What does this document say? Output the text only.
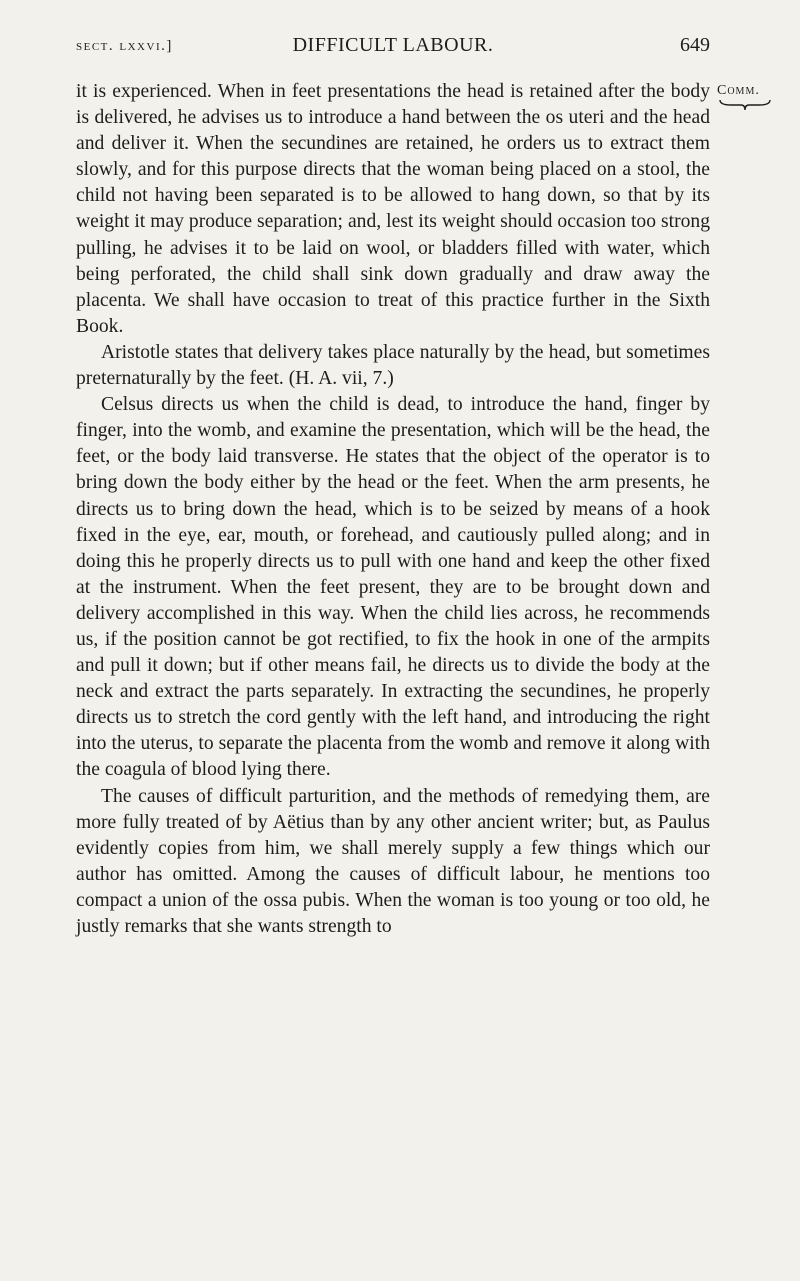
sect. lxxvi.]	DIFFICULT LABOUR.	649
Comm.

it is experienced. When in feet presentations the head is retained after the body is delivered, he advises us to introduce a hand between the os uteri and the head and deliver it. When the secundines are retained, he orders us to extract them slowly, and for this purpose directs that the woman being placed on a stool, the child not having been separated is to be allowed to hang down, so that by its weight it may produce separation; and, lest its weight should occasion too strong pulling, he advises it to be laid on wool, or bladders filled with water, which being perforated, the child shall sink down gradually and draw away the placenta. We shall have occasion to treat of this practice further in the Sixth Book.

Aristotle states that delivery takes place naturally by the head, but sometimes preternaturally by the feet. (H. A. vii, 7.)

Celsus directs us when the child is dead, to introduce the hand, finger by finger, into the womb, and examine the presentation, which will be the head, the feet, or the body laid transverse. He states that the object of the operator is to bring down the body either by the head or the feet. When the arm presents, he directs us to bring down the head, which is to be seized by means of a hook fixed in the eye, ear, mouth, or forehead, and cautiously pulled along; and in doing this he properly directs us to pull with one hand and keep the other fixed at the instrument. When the feet present, they are to be brought down and delivery accomplished in this way. When the child lies across, he recommends us, if the position cannot be got rectified, to fix the hook in one of the armpits and pull it down; but if other means fail, he directs us to divide the body at the neck and extract the parts separately. In extracting the secundines, he properly directs us to stretch the cord gently with the left hand, and introducing the right into the uterus, to separate the placenta from the womb and remove it along with the coagula of blood lying there.

The causes of difficult parturition, and the methods of remedying them, are more fully treated of by Aëtius than by any other ancient writer; but, as Paulus evidently copies from him, we shall merely supply a few things which our author has omitted. Among the causes of difficult labour, he mentions too compact a union of the ossa pubis. When the woman is too young or too old, he justly remarks that she wants strength to
